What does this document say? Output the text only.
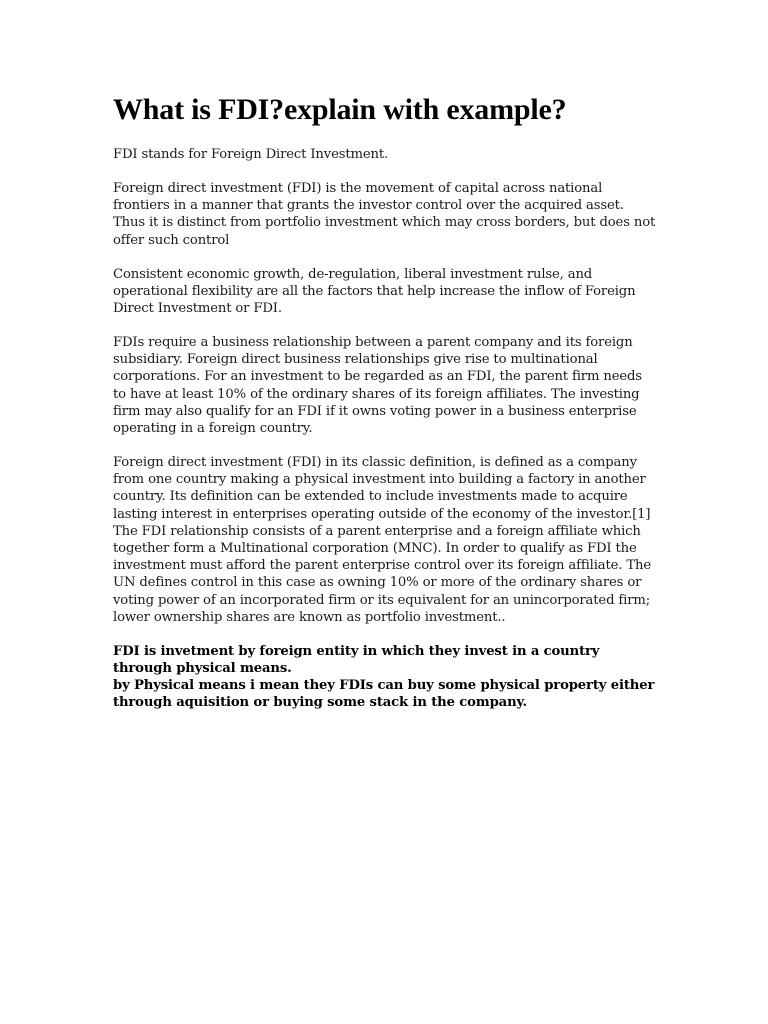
What is FDI?explain with example?

FDI stands for Foreign Direct Investment.

Foreign direct investment (FDI) is the movement of capital across national frontiers in a manner that grants the investor control over the acquired asset. Thus it is distinct from portfolio investment which may cross borders, but does not offer such control

Consistent economic growth, de-regulation, liberal investment rulse, and operational flexibility are all the factors that help increase the inflow of Foreign Direct Investment or FDI.

FDIs require a business relationship between a parent company and its foreign subsidiary. Foreign direct business relationships give rise to multinational corporations. For an investment to be regarded as an FDI, the parent firm needs to have at least 10% of the ordinary shares of its foreign affiliates. The investing firm may also qualify for an FDI if it owns voting power in a business enterprise operating in a foreign country.

Foreign direct investment (FDI) in its classic definition, is defined as a company from one country making a physical investment into building a factory in another country. Its definition can be extended to include investments made to acquire lasting interest in enterprises operating outside of the economy of the investor.[1] The FDI relationship consists of a parent enterprise and a foreign affiliate which together form a Multinational corporation (MNC). In order to qualify as FDI the investment must afford the parent enterprise control over its foreign affiliate. The UN defines control in this case as owning 10% or more of the ordinary shares or voting power of an incorporated firm or its equivalent for an unincorporated firm; lower ownership shares are known as portfolio investment..

FDI is invetment by foreign entity in which they invest in a country through physical means.

by Physical means i mean they FDIs can buy some physical property either through aquisition or buying some stack in the company.
